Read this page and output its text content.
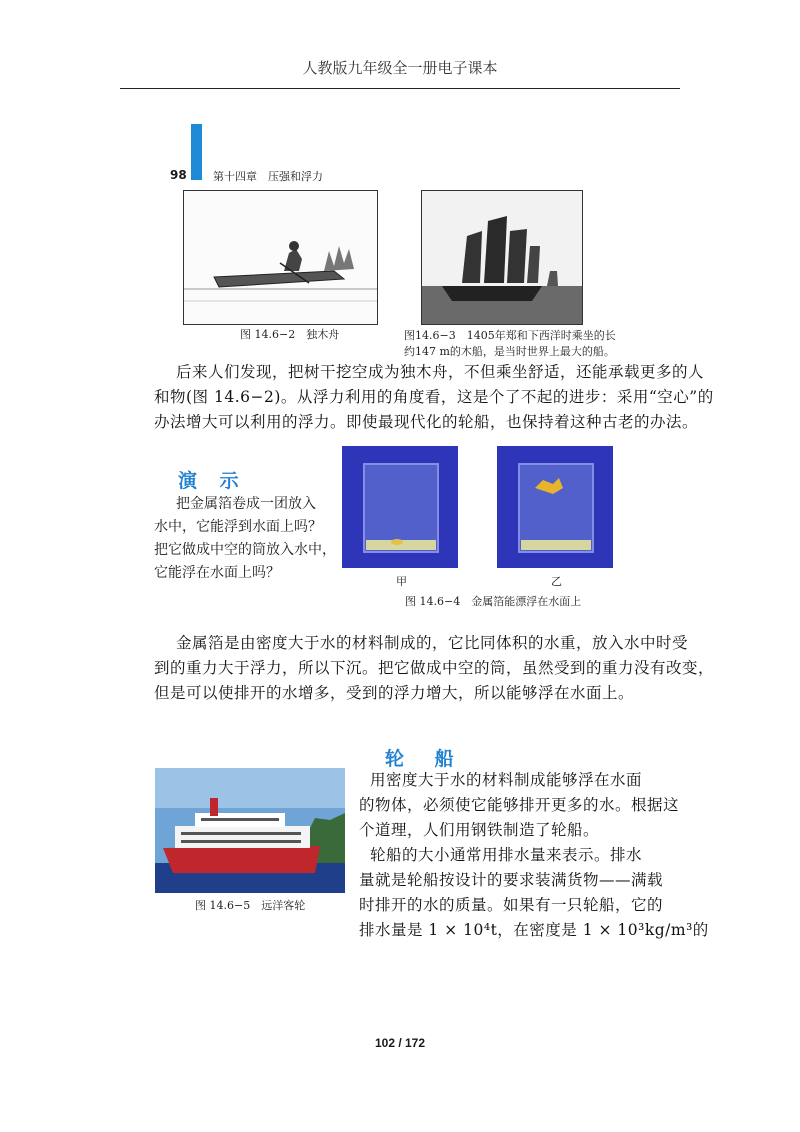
人教版九年级全一册电子课本
98 第十四章　压强和浮力
图 14.6−2　独木舟	图14.6−3　1405年郑和下西洋时乘坐的长
约147 m的木船，是当时世界上最大的船。
后来人们发现，把树干挖空成为独木舟，不但乘坐舒适，还能承载更多的人
和物(图 14.6−2)。从浮力利用的角度看，这是个了不起的进步：采用“空心”的
办法增大可以利用的浮力。即使最现代化的轮船，也保持着这种古老的办法。
演 示
把金属箔卷成一团放入
水中，它能浮到水面上吗？
把它做成中空的筒放入水中，
它能浮在水面上吗？
甲	乙
图 14.6−4　金属箔能漂浮在水面上
金属箔是由密度大于水的材料制成的，它比同体积的水重，放入水中时受
到的重力大于浮力，所以下沉。把它做成中空的筒，虽然受到的重力没有改变，
但是可以使排开的水增多，受到的浮力增大，所以能够浮在水面上。
图 14.6−5　远洋客轮
轮 船
用密度大于水的材料制成能够浮在水面
的物体，必须使它能够排开更多的水。根据这
个道理，人们用钢铁制造了轮船。
轮船的大小通常用排水量来表示。排水
量就是轮船按设计的要求装满货物——满载
时排开的水的质量。如果有一只轮船，它的
排水量是 1 × 10⁴t，在密度是 1 × 10³kg/m³的
102 / 172
